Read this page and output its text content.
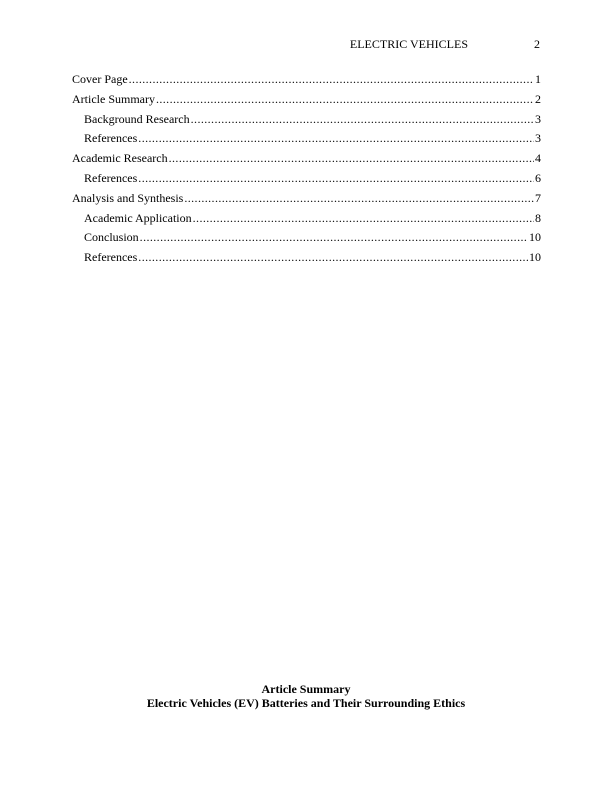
ELECTRIC VEHICLES	2
Cover Page .....	1
Article Summary .....	2
Background Research .....	3
References .....	3
Academic Research .....	4
References .....	6
Analysis and Synthesis .....	7
Academic Application .....	8
Conclusion .....	10
References .....	10
Article Summary
Electric Vehicles (EV) Batteries and Their Surrounding Ethics
